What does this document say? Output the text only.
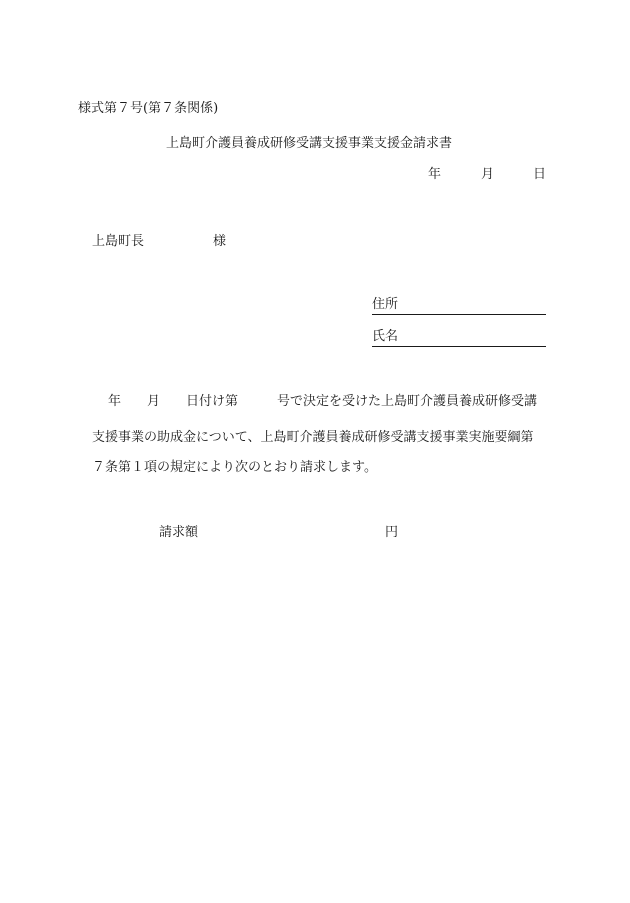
様式第７号(第７条関係)
上島町介護員養成研修受講支援事業支援金請求書
年	月	日
上島町長	様
住所
氏名
年　　月　　日付け第　　　号で決定を受けた上島町介護員養成研修受講
支援事業の助成金について、上島町介護員養成研修受講支援事業実施要綱第
７条第１項の規定により次のとおり請求します。
請求額	円
